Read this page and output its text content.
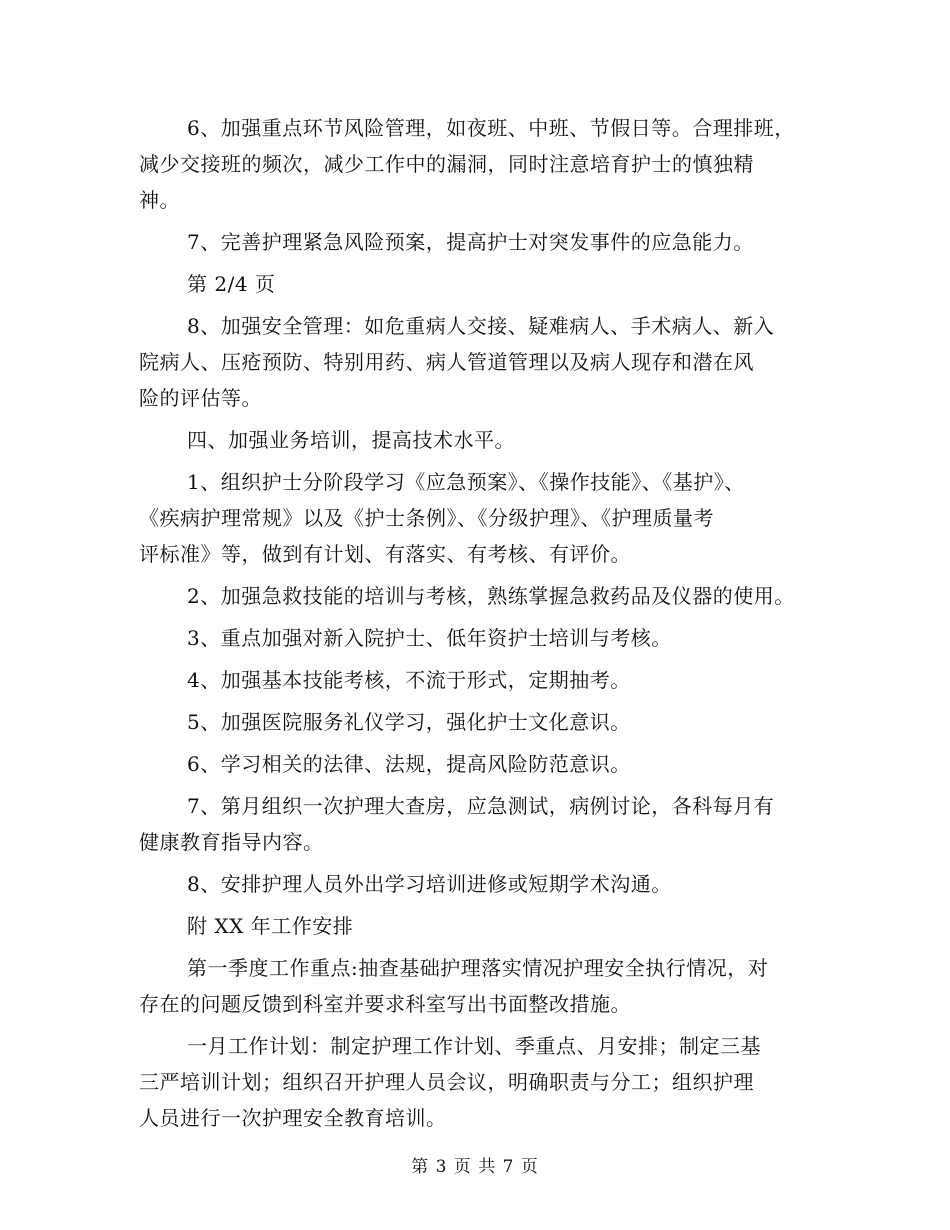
6、加强重点环节风险管理，如夜班、中班、节假日等。合理排班，
减少交接班的频次，减少工作中的漏洞，同时注意培育护士的慎独精
神。
7、完善护理紧急风险预案，提高护士对突发事件的应急能力。
第 2/4 页
8、加强安全管理：如危重病人交接、疑难病人、手术病人、新入
院病人、压疮预防、特别用药、病人管道管理以及病人现存和潜在风
险的评估等。
四、加强业务培训，提高技术水平。
1、组织护士分阶段学习《应急预案》、《操作技能》、《基护》、
《疾病护理常规》以及《护士条例》、《分级护理》、《护理质量考
评标准》等，做到有计划、有落实、有考核、有评价。
2、加强急救技能的培训与考核，熟练掌握急救药品及仪器的使用。
3、重点加强对新入院护士、低年资护士培训与考核。
4、加强基本技能考核，不流于形式，定期抽考。
5、加强医院服务礼仪学习，强化护士文化意识。
6、学习相关的法律、法规，提高风险防范意识。
7、第月组织一次护理大查房，应急测试，病例讨论，各科每月有
健康教育指导内容。
8、安排护理人员外出学习培训进修或短期学术沟通。
附 XX 年工作安排
第一季度工作重点:抽查基础护理落实情况护理安全执行情况，对
存在的问题反馈到科室并要求科室写出书面整改措施。
一月工作计划：制定护理工作计划、季重点、月安排；制定三基
三严培训计划；组织召开护理人员会议，明确职责与分工；组织护理
人员进行一次护理安全教育培训。
第 3 页 共 7 页
